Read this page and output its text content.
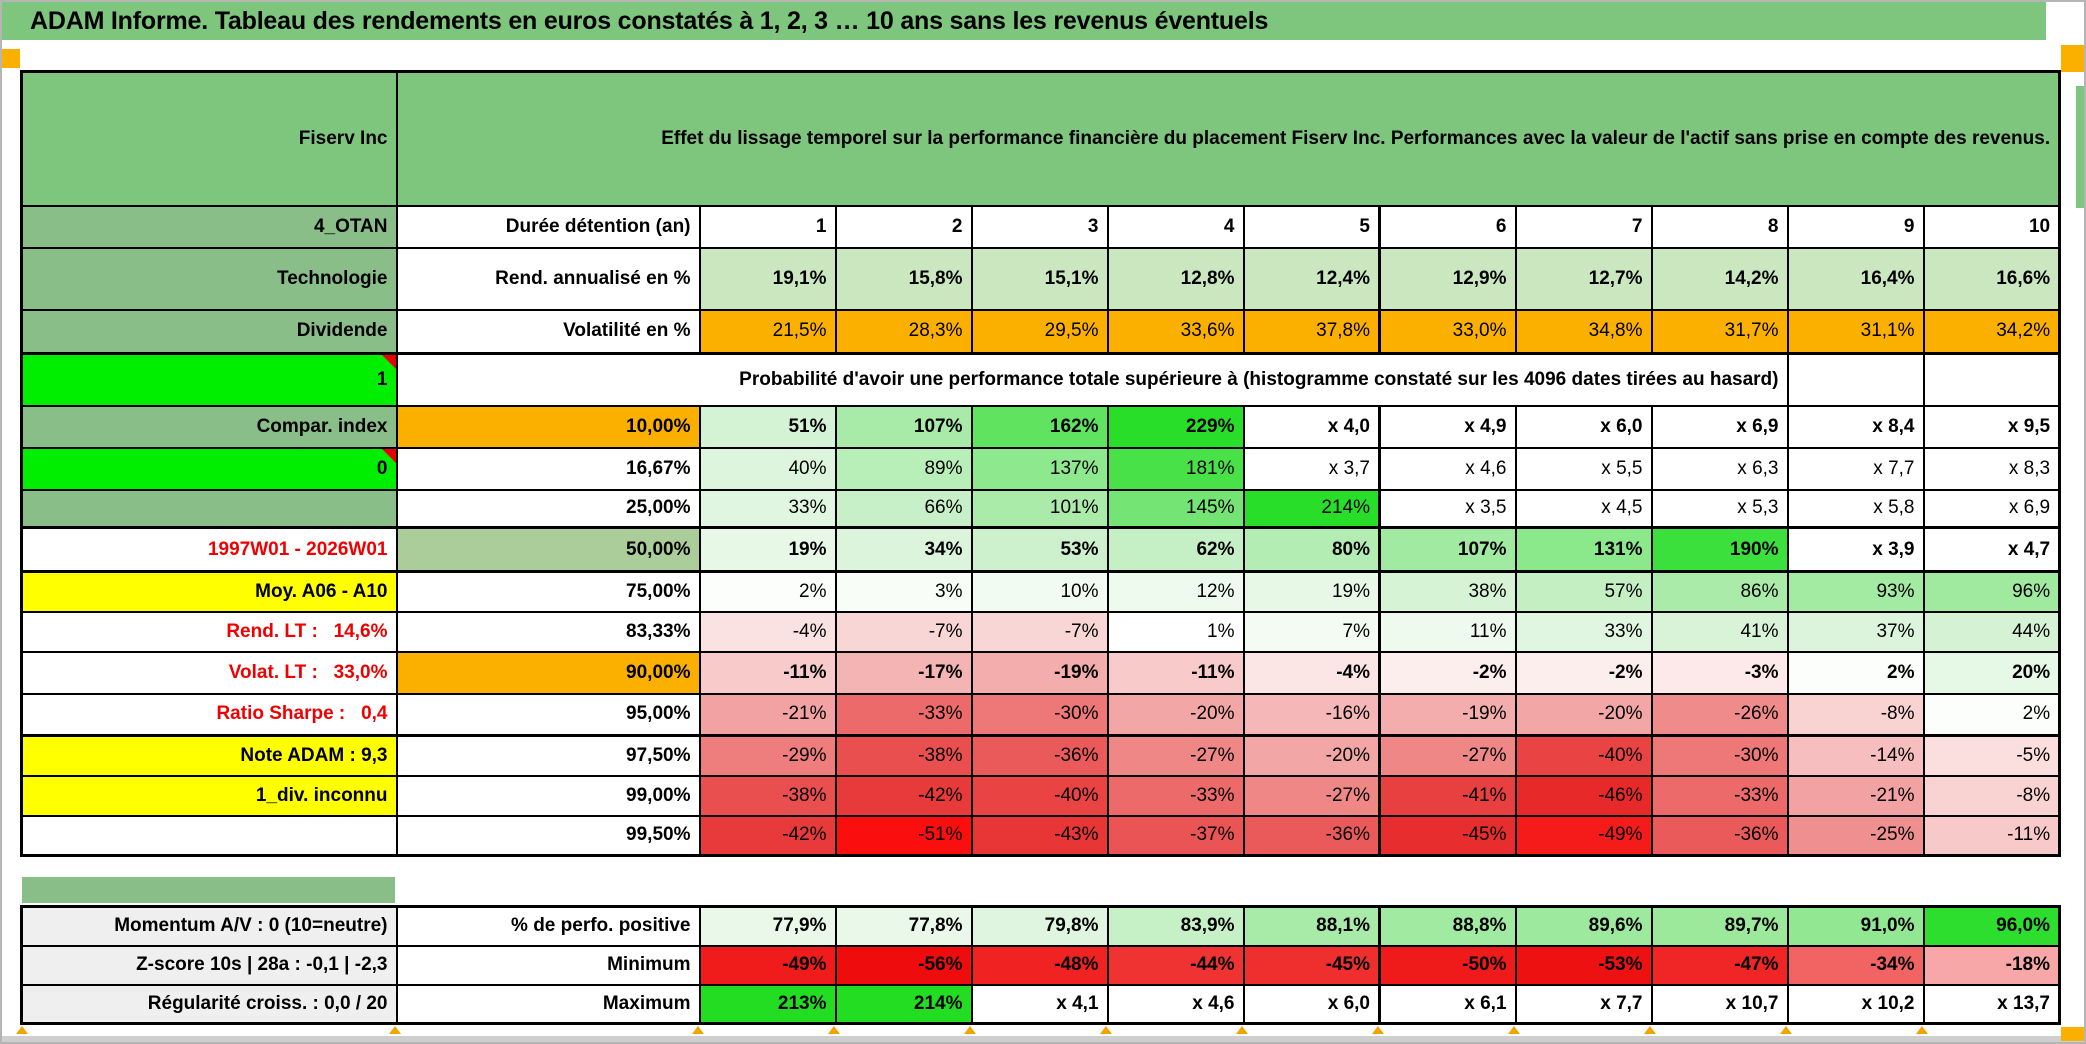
ADAM Informe. Tableau des rendements en euros constatés à 1, 2, 3 … 10 ans sans les revenus éventuels
Fiserv Inc	Effet du lissage temporel sur la performance financière du placement Fiserv Inc. Performances avec la valeur de l'actif sans prise en compte des revenus.										
4_OTAN	Durée détention (an)	1	2	3	4	5	6	7	8	9	10
Technologie	Rend. annualisé en %	19,1%	15,8%	15,1%	12,8%	12,4%	12,9%	12,7%	14,2%	16,4%	16,6%
Dividende	Volatilité en %	21,5%	28,3%	29,5%	33,6%	37,8%	33,0%	34,8%	31,7%	31,1%	34,2%
1	Probabilité d'avoir une performance totale supérieure à (histogramme constaté sur les 4096 dates tirées au hasard)										
Compar. index	10,00%	51%	107%	162%	229%	x 4,0	x 4,9	x 6,0	x 6,9	x 8,4	x 9,5
0	16,67%	40%	89%	137%	181%	x 3,7	x 4,6	x 5,5	x 6,3	x 7,7	x 8,3
	25,00%	33%	66%	101%	145%	214%	x 3,5	x 4,5	x 5,3	x 5,8	x 6,9
1997W01 - 2026W01	50,00%	19%	34%	53%	62%	80%	107%	131%	190%	x 3,9	x 4,7
Moy. A06 - A10	75,00%	2%	3%	10%	12%	19%	38%	57%	86%	93%	96%
Rend. LT :   14,6%	83,33%	-4%	-7%	-7%	1%	7%	11%	33%	41%	37%	44%
Volat. LT :   33,0%	90,00%	-11%	-17%	-19%	-11%	-4%	-2%	-2%	-3%	2%	20%
Ratio Sharpe :   0,4	95,00%	-21%	-33%	-30%	-20%	-16%	-19%	-20%	-26%	-8%	2%
Note ADAM : 9,3	97,50%	-29%	-38%	-36%	-27%	-20%	-27%	-40%	-30%	-14%	-5%
1_div. inconnu	99,00%	-38%	-42%	-40%	-33%	-27%	-41%	-46%	-33%	-21%	-8%
	99,50%	-42%	-51%	-43%	-37%	-36%	-45%	-49%	-36%	-25%	-11%
Momentum A/V : 0 (10=neutre)	% de perfo. positive	77,9%	77,8%	79,8%	83,9%	88,1%	88,8%	89,6%	89,7%	91,0%	96,0%
Z-score 10s | 28a : -0,1 | -2,3	Minimum	-49%	-56%	-48%	-44%	-45%	-50%	-53%	-47%	-34%	-18%
Régularité croiss. : 0,0 / 20	Maximum	213%	214%	x 4,1	x 4,6	x 6,0	x 6,1	x 7,7	x 10,7	x 10,2	x 13,7
